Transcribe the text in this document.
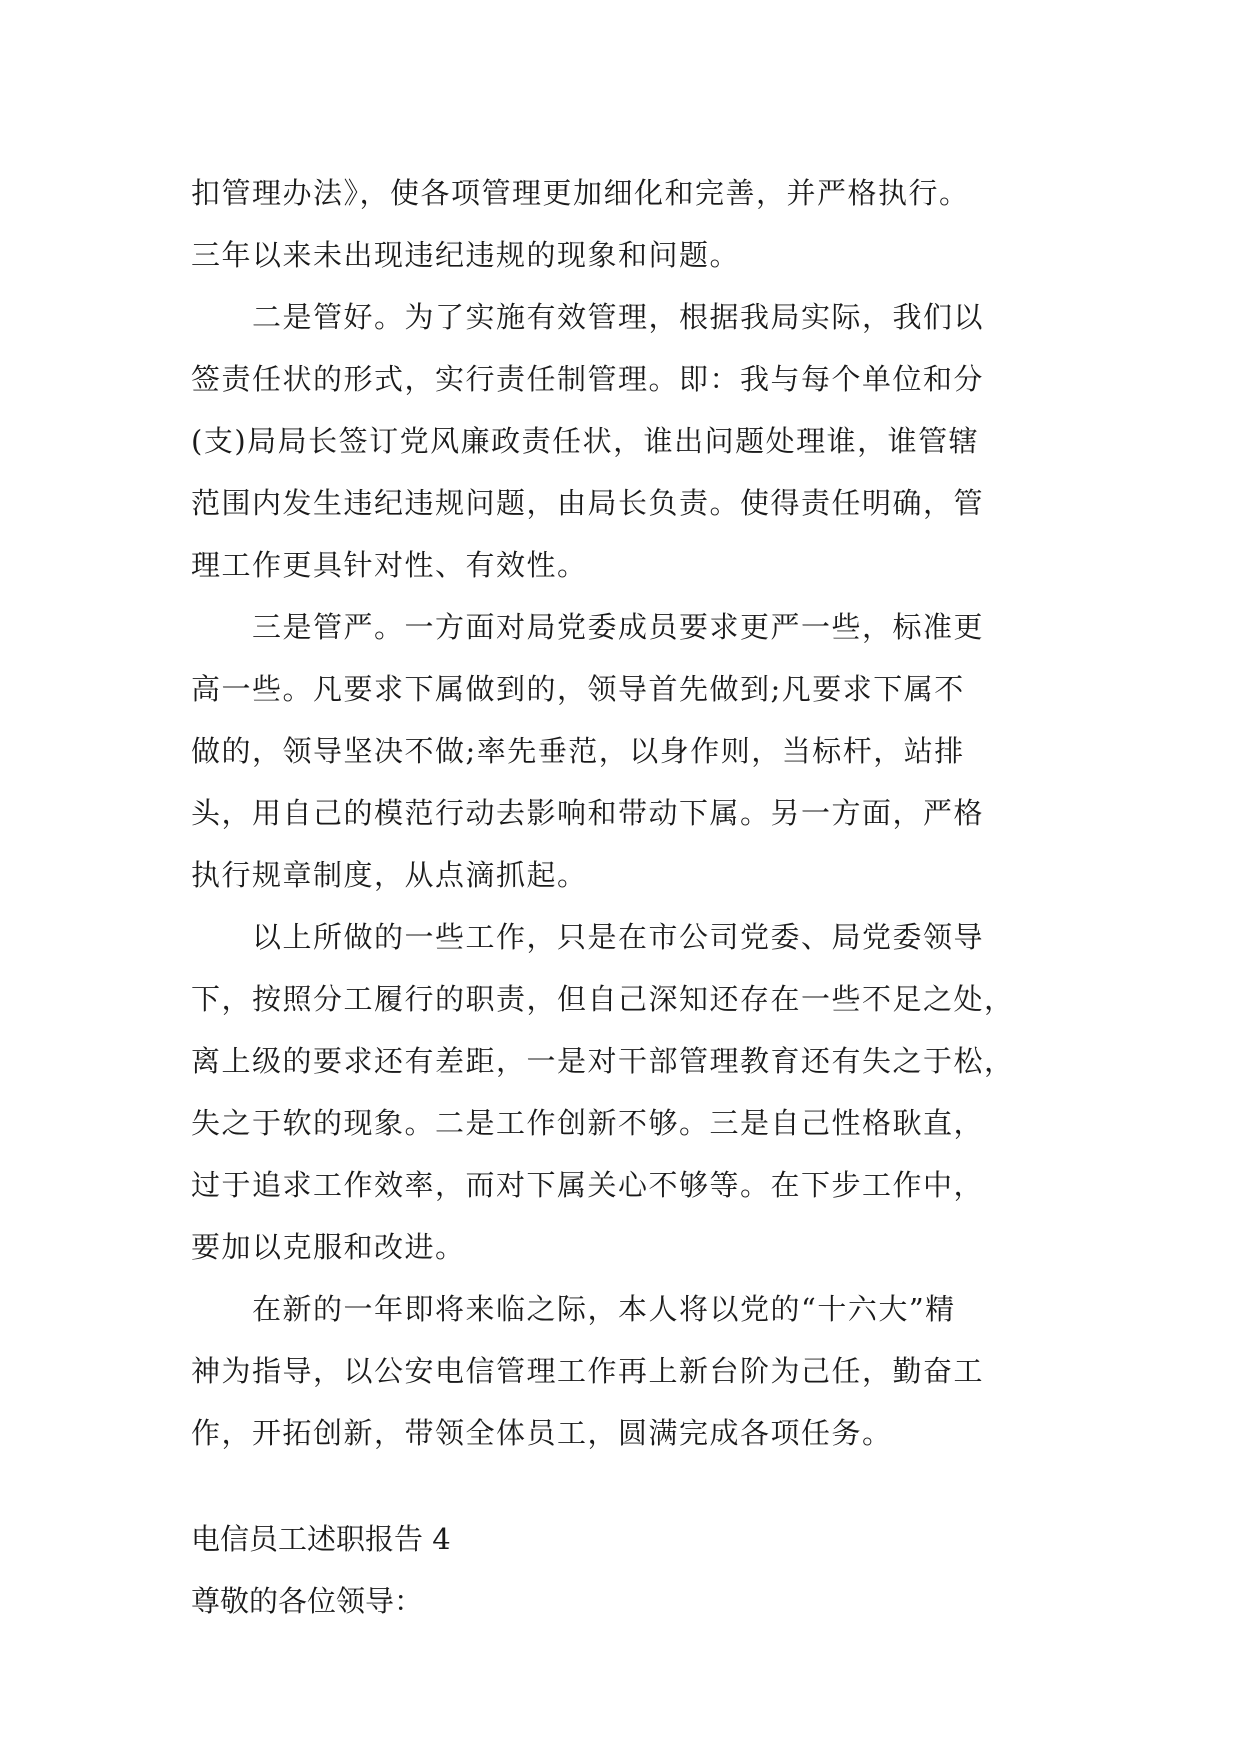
扣管理办法》，使各项管理更加细化和完善，并严格执行。
三年以来未出现违纪违规的现象和问题。
　　二是管好。为了实施有效管理，根据我局实际，我们以
签责任状的形式，实行责任制管理。即：我与每个单位和分
(支)局局长签订党风廉政责任状，谁出问题处理谁，谁管辖
范围内发生违纪违规问题，由局长负责。使得责任明确，管
理工作更具针对性、有效性。
　　三是管严。一方面对局党委成员要求更严一些，标准更
高一些。凡要求下属做到的，领导首先做到;凡要求下属不
做的，领导坚决不做;率先垂范，以身作则，当标杆，站排
头，用自己的模范行动去影响和带动下属。另一方面，严格
执行规章制度，从点滴抓起。
　　以上所做的一些工作，只是在市公司党委、局党委领导
下，按照分工履行的职责，但自己深知还存在一些不足之处，
离上级的要求还有差距，一是对干部管理教育还有失之于松，
失之于软的现象。二是工作创新不够。三是自己性格耿直，
过于追求工作效率，而对下属关心不够等。在下步工作中，
要加以克服和改进。
　　在新的一年即将来临之际，本人将以党的“十六大”精
神为指导，以公安电信管理工作再上新台阶为己任，勤奋工
作，开拓创新，带领全体员工，圆满完成各项任务。
电信员工述职报告 4
尊敬的各位领导：
